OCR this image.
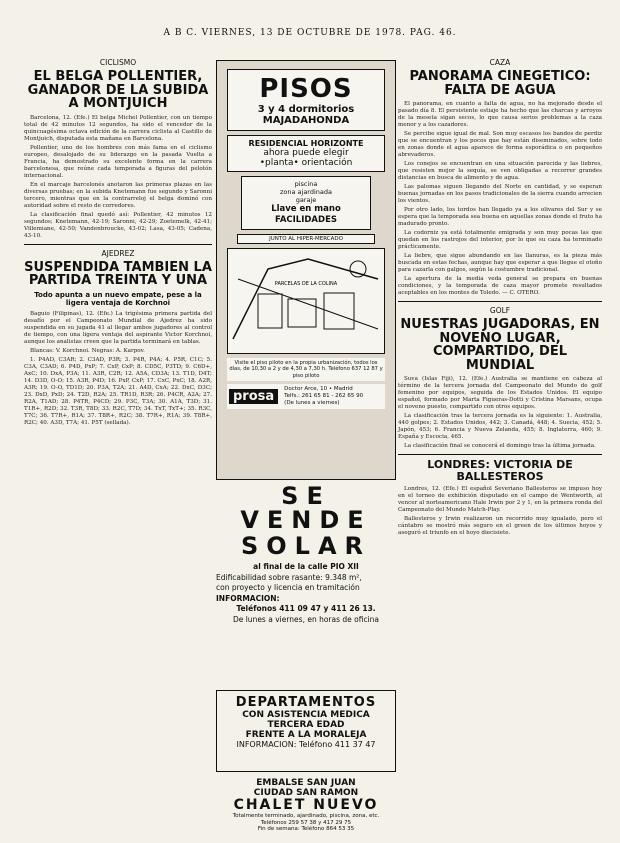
A B C. VIERNES, 13 DE OCTUBRE DE 1978. PAG. 46.
CICLISMO
EL BELGA POLLENTIER, GANADOR DE LA SUBIDA A MONTJUICH

Barcelona, 12. (Efe.) El belga Michel Pollentier, con un tiempo total de 42 minutos 12 segundos, ha sido el vencedor de la quincuagésima octava edición de la carrera ciclista al Castillo de Montjuich, disputada esta mañana en Barcelona.

Pollentier, uno de los hombres con más fama en el ciclismo europeo, desalojado de su liderazgo en la pasada Vuelta a Francia, ha demostrado su excelente forma en la carrera barcelonesa, que reúne cada temporada a figuras del pelotón internacional.

En el marcaje barcelonés anotaron las primeras plazas en las diversas pruebas; en la subida Knetemann fue segundo y Saronni tercero, mientras que en la contrarreloj el belga dominó con autoridad sobre el resto de corredores.

La clasificación final quedó así: Pollentier, 42 minutos 12 segundos; Knetemann, 42-19; Saronni, 42-29; Zoetemelk, 42-41; Villemiane, 42-50; Vandenbroucke, 43-02; Lasa, 43-05; Cadena, 43-10.

AJEDREZ
SUSPENDIDA TAMBIEN LA PARTIDA TREINTA Y UNA
Todo apunta a un nuevo empate, pese a la ligera ventaja de Korchnoi

Baguio (Filipinas), 12. (Efe.) La trigésima primera partida del desafío por el Campeonato Mundial de Ajedrez ha sido suspendida en su jugada 41 al llegar ambos jugadores al control de tiempo, con una ligera ventaja del aspirante Victor Korchnoi, aunque los analistas creen que la partida terminará en tablas.

Blancas: V. Korchnoi. Negras: A. Karpov.

1. P4AD, C3AR; 2. C3AD, P3R; 3. P4R, P4A; 4. P5R, C1C; 5. C3A, C3AD; 6. P4D, PxP; 7. CxP, CxP; 8. CD5C, P3TD; 9. C6D+, AxC; 10. DxA, P3A; 11. A3R, C2R; 12. A5A, CD3A; 13. T1D, D4T; 14. D3D, O-O; 15. A3R, P4D; 16. PxP, CxP; 17. CxC, PxC; 18. A2R, A3R; 19. O-O, TD1D; 20. P3A, T2A; 21. A4D, CxA; 22. DxC, D3C; 23. DxD, PxD; 24. T2D, R2A; 25. TR1D, R3R; 26. P4CR, A2A; 27. R2A, T1AD; 28. P4TR, P4CD; 29. P3C, T3A; 30. A1A, T3D; 31. T1R+, R2D; 32. T3R, T8D; 33. R2C, T7D; 34. TxT, TxT+; 35. R3C, T7C; 36. T7R+, R1A; 37. T8R+, R2C; 38. T7R+, R1A; 39. T8R+, R2C; 40. A3D, T7A; 41. P5T (sellada).

PISOS
3 y 4 dormitorios
MAJADAHONDA
RESIDENCIAL HORIZONTE
ahora puede elegir
•planta• orientación
piscina
zona ajardinada
garaje
Llave en mano
FACILIDADES
JUNTO AL HIPER-MERCADO
PARCELAS DE LA COLINA
Visite el piso piloto en la propia urbanización, todos los días, de 10,30 a 2 y de 4,30 a 7,30 h. Teléfono 637 12 87 y piso piloto
prosa	Doctor Arce, 10 • Madrid
Telfs.: 261 65 81 - 262 65 90
(De lunes a viernes)
SE VENDE
SOLAR
al final de la calle PIO XII
Edificabilidad sobre rasante: 9.348 m²,
con proyecto y licencia en tramitación
INFORMACION:
Teléfonos 411 09 47 y 411 26 13.
De lunes a viernes, en horas de oficina
DEPARTAMENTOS
CON ASISTENCIA MEDICA
TERCERA EDAD
FRENTE A LA MORALEJA
INFORMACION: Teléfono 411 37 47
EMBALSE SAN JUAN
CIUDAD SAN RAMON
CHALET NUEVO
Totalmente terminado, ajardinado, piscina, zona, etc.
Teléfonos 259 57 38 y 417 29 75
Fin de semana: Teléfono 864 53 35
CAZA
PANORAMA CINEGETICO: FALTA DE AGUA

El panorama, en cuanto a falta de agua, no ha mejorado desde el pasado día 8. El persistente estiaje ha hecho que las charcas y arroyos de la meseta sigan secos, lo que causa serios problemas a la caza menor y a los cazadores.

Se percibe sigue igual de mal. Son muy escasos los bandos de perdiz que se encuentran y los pocos que hay están diseminados, sobre todo en zonas donde el agua aparece de forma esporádica o en pequeños abrevaderos.

Los conejos se encuentran en una situación parecida y las liebres, que resisten mejor la sequía, se ven obligadas a recorrer grandes distancias en busca de alimento y de agua.

Las palomas siguen llegando del Norte en cantidad, y se esperan buenas jornadas en los pasos tradicionales de la sierra cuando arrecien los vientos.

Por otro lado, los tordos han llegado ya a los olivares del Sur y se espera que la temporada sea buena en aquellas zonas donde el fruto ha madurado pronto.

La codorniz ya está totalmente emigrada y son muy pocas las que quedan en los rastrojos del interior, por lo que su caza ha terminado prácticamente.

La liebre, que sigue abundando en las llanuras, es la pieza más buscada en estas fechas, aunque hay que esperar a que llegue el otoño para cazarla con galgos, según la costumbre tradicional.

La apertura de la media veda general se prepara en buenas condiciones, y la temporada de caza mayor promete resultados aceptables en los montes de Toledo. — C. OTERO.

GOLF
NUESTRAS JUGADORAS, EN NOVENO LUGAR, COMPARTIDO, DEL MUNDIAL

Suva (Islas Fiji), 12. (Efe.) Australia se mantiene en cabeza al término de la tercera jornada del Campeonato del Mundo de golf femenino por equipos, seguida de los Estados Unidos. El equipo español, formado por Marta Figueras-Dotti y Cristina Marsans, ocupa el noveno puesto, compartido con otros equipos.

La clasificación tras la tercera jornada es la siguiente: 1. Australia, 440 golpes; 2. Estados Unidos, 442; 3. Canadá, 448; 4. Suecia, 452; 5. Japón, 453; 6. Francia y Nueva Zelanda, 455; 8. Inglaterra, 460; 9. España y Escocia, 465.

La clasificación final se conocerá el domingo tras la última jornada.

LONDRES: VICTORIA DE BALLESTEROS

Londres, 12. (Efe.) El español Severiano Ballesteros se impuso hoy en el torneo de exhibición disputado en el campo de Wentworth, al vencer al norteamericano Hale Irwin por 2 y 1, en la primera ronda del Campeonato del Mundo Match-Play.

Ballesteros y Irwin realizaron un recorrido muy igualado, pero el cántabro se mostró más seguro en el green de los últimos hoyos y aseguró el triunfo en el hoyo diecisiete.
